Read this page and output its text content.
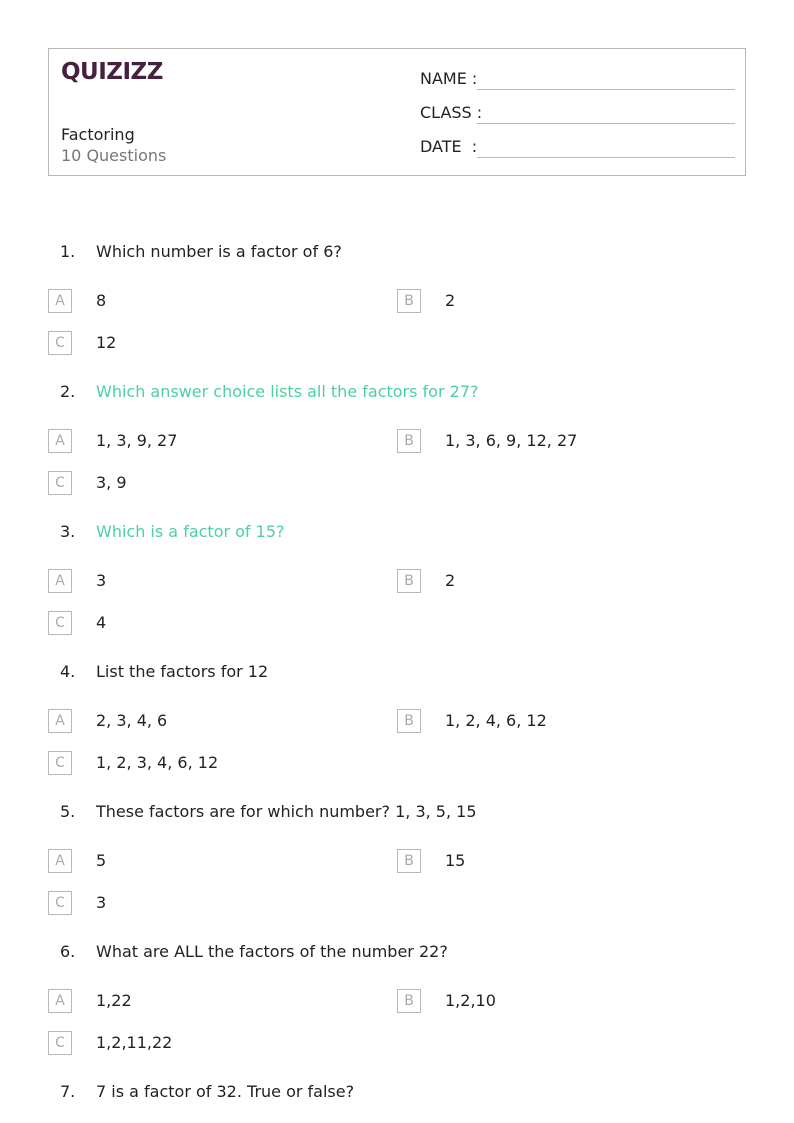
QUIZIZZ
Factoring
10 Questions
NAME :
CLASS :
DATE  :
1. Which number is a factor of 6?
A	8	B	2
C	12
2. Which answer choice lists all the factors for 27?
A	1, 3, 9, 27	B	1, 3, 6, 9, 12, 27
C	3, 9
3. Which is a factor of 15?
A	3	B	2
C	4
4. List the factors for 12
A	2, 3, 4, 6	B	1, 2, 4, 6, 12
C	1, 2, 3, 4, 6, 12
5. These factors are for which number? 1, 3, 5, 15
A	5	B	15
C	3
6. What are ALL the factors of the number 22?
A	1,22	B	1,2,10
C	1,2,11,22
7. 7 is a factor of 32. True or false?
